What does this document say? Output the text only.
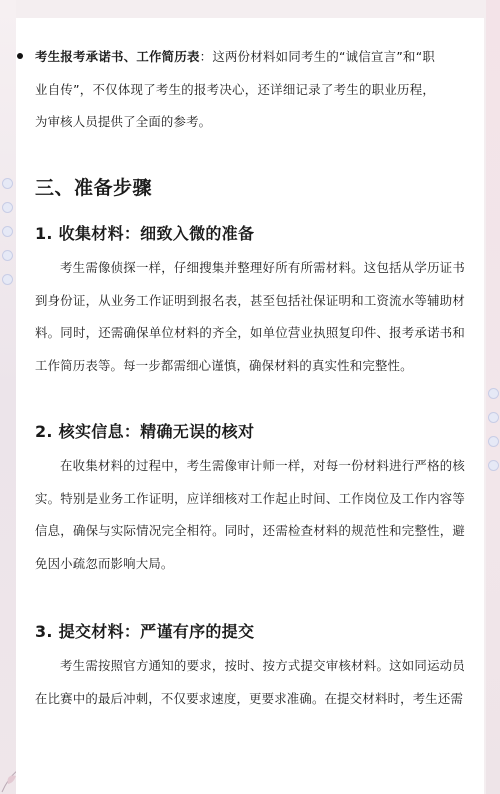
考生报考承诺书、工作简历表：这两份材料如同考生的“诚信宣言”和“职业自传”，不仅体现了考生的报考决心，还详细记录了考生的职业历程，为审核人员提供了全面的参考。

三、准备步骤
1. 收集材料：细致入微的准备

考生需像侦探一样，仔细搜集并整理好所有所需材料。这包括从学历证书到身份证，从业务工作证明到报名表，甚至包括社保证明和工资流水等辅助材料。同时，还需确保单位材料的齐全，如单位营业执照复印件、报考承诺书和工作简历表等。每一步都需细心谨慎，确保材料的真实性和完整性。

2. 核实信息：精确无误的核对

在收集材料的过程中，考生需像审计师一样，对每一份材料进行严格的核实。特别是业务工作证明，应详细核对工作起止时间、工作岗位及工作内容等信息，确保与实际情况完全相符。同时，还需检查材料的规范性和完整性，避免因小疏忽而影响大局。

3. 提交材料：严谨有序的提交

考生需按照官方通知的要求，按时、按方式提交审核材料。这如同运动员在比赛中的最后冲刺，不仅要求速度，更要求准确。在提交材料时，考生还需
